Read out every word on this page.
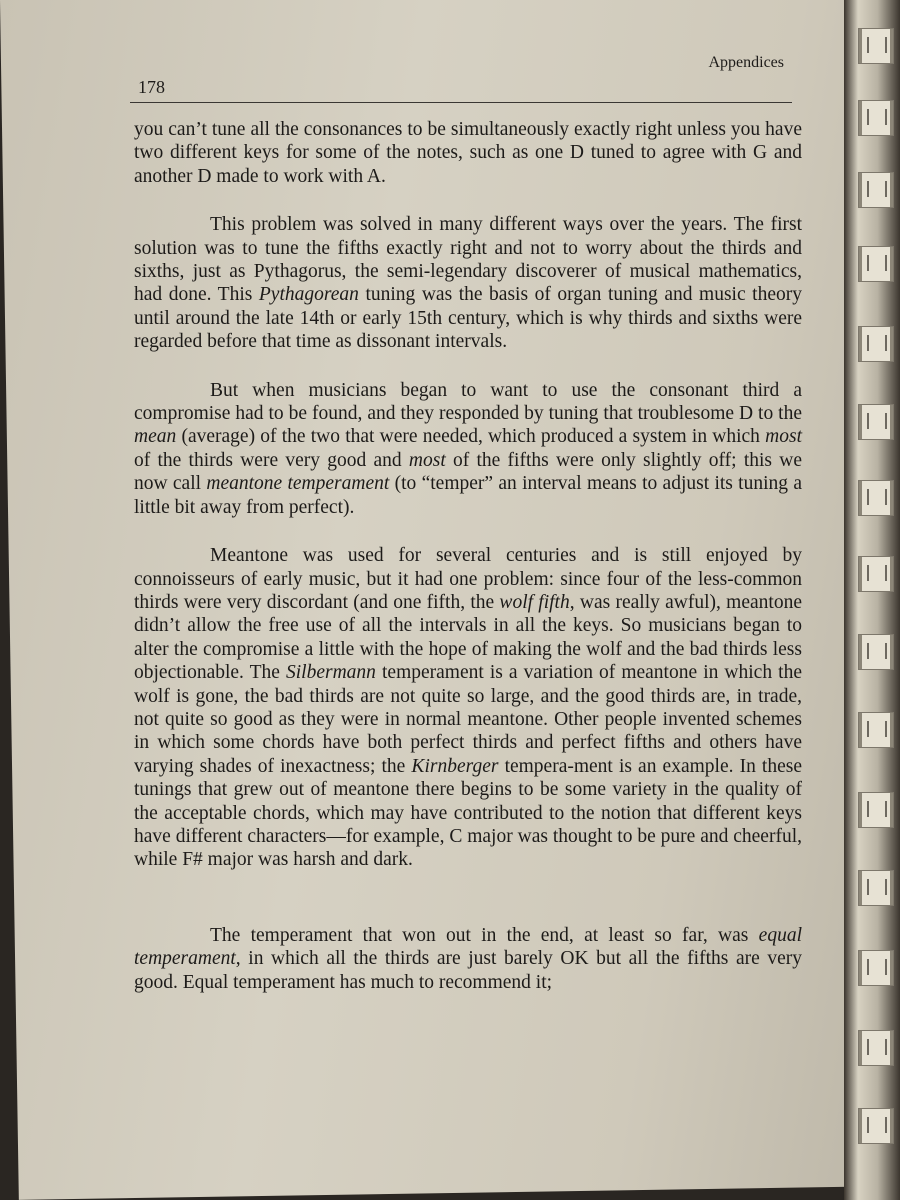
178
Appendices

you can’t tune all the consonances to be simultaneously exactly right unless you have two different keys for some of the notes, such as one D tuned to agree with G and another D made to work with A.

This problem was solved in many different ways over the years. The first solution was to tune the fifths exactly right and not to worry about the thirds and sixths, just as Pythagorus, the semi-legendary discoverer of musical mathematics, had done. This Pythagorean tuning was the basis of organ tuning and music theory until around the late 14th or early 15th century, which is why thirds and sixths were regarded before that time as dissonant intervals.

But when musicians began to want to use the consonant third a compromise had to be found, and they responded by tuning that troublesome D to the mean (average) of the two that were needed, which produced a system in which most of the thirds were very good and most of the fifths were only slightly off; this we now call meantone temperament (to “temper” an interval means to adjust its tuning a little bit away from perfect).

Meantone was used for several centuries and is still enjoyed by connoisseurs of early music, but it had one problem: since four of the less-common thirds were very discordant (and one fifth, the wolf fifth, was really awful), meantone didn’t allow the free use of all the intervals in all the keys. So musicians began to alter the compromise a little with the hope of making the wolf and the bad thirds less objectionable. The Silbermann temperament is a variation of meantone in which the wolf is gone, the bad thirds are not quite so large, and the good thirds are, in trade, not quite so good as they were in normal meantone. Other people invented schemes in which some chords have both perfect thirds and perfect fifths and others have varying shades of inexactness; the Kirnberger tempera-ment is an example. In these tunings that grew out of meantone there begins to be some variety in the quality of the acceptable chords, which may have contributed to the notion that different keys have different characters—for example, C major was thought to be pure and cheerful, while F# major was harsh and dark.

The temperament that won out in the end, at least so far, was equal temperament, in which all the thirds are just barely OK but all the fifths are very good. Equal temperament has much to recommend it;
